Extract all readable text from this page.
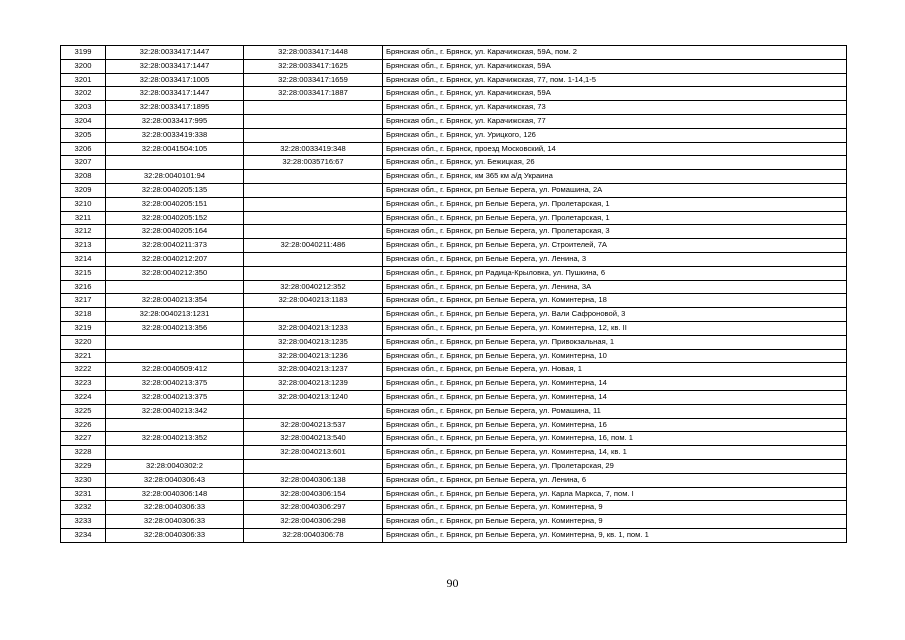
3199	32:28:0033417:1447	32:28:0033417:1448	Брянская обл., г. Брянск, ул. Карачижская, 59А, пом. 2
3200	32:28:0033417:1447	32:28:0033417:1625	Брянская обл., г. Брянск, ул. Карачижская, 59А
3201	32:28:0033417:1005	32:28:0033417:1659	Брянская обл., г. Брянск, ул. Карачижская, 77, пом. 1-14,1-5
3202	32:28:0033417:1447	32:28:0033417:1887	Брянская обл., г. Брянск, ул. Карачижская, 59А
3203	32:28:0033417:1895		Брянская обл., г. Брянск, ул. Карачижская, 73
3204	32:28:0033417:995		Брянская обл., г. Брянск, ул. Карачижская, 77
3205	32:28:0033419:338		Брянская обл., г. Брянск, ул. Урицкого, 126
3206	32:28:0041504:105	32:28:0033419:348	Брянская обл., г. Брянск, проезд Московский, 14
3207		32:28:0035716:67	Брянская обл., г. Брянск, ул. Бежицкая, 26
3208	32:28:0040101:94		Брянская обл., г. Брянск, км 365 км а/д Украина
3209	32:28:0040205:135		Брянская обл., г. Брянск, рп Белые Берега, ул. Ромашина, 2А
3210	32:28:0040205:151		Брянская обл., г. Брянск, рп Белые Берега, ул. Пролетарская, 1
3211	32:28:0040205:152		Брянская обл., г. Брянск, рп Белые Берега, ул. Пролетарская, 1
3212	32:28:0040205:164		Брянская обл., г. Брянск, рп Белые Берега, ул. Пролетарская, 3
3213	32:28:0040211:373	32:28:0040211:486	Брянская обл., г. Брянск, рп Белые Берега, ул. Строителей, 7А
3214	32:28:0040212:207		Брянская обл., г. Брянск, рп Белые Берега, ул. Ленина, 3
3215	32:28:0040212:350		Брянская обл., г. Брянск, рп Радица-Крыловка, ул. Пушкина, 6
3216		32:28:0040212:352	Брянская обл., г. Брянск, рп Белые Берега, ул. Ленина, 3А
3217	32:28:0040213:354	32:28:0040213:1183	Брянская обл., г. Брянск, рп Белые Берега, ул. Коминтерна, 18
3218	32:28:0040213:1231		Брянская обл., г. Брянск, рп Белые Берега, ул. Вали Сафроновой, 3
3219	32:28:0040213:356	32:28:0040213:1233	Брянская обл., г. Брянск, рп Белые Берега, ул. Коминтерна, 12, кв. II
3220		32:28:0040213:1235	Брянская обл., г. Брянск, рп Белые Берега, ул. Привокзальная, 1
3221		32:28:0040213:1236	Брянская обл., г. Брянск, рп Белые Берега, ул. Коминтерна, 10
3222	32:28:0040509:412	32:28:0040213:1237	Брянская обл., г. Брянск, рп Белые Берега, ул. Новая, 1
3223	32:28:0040213:375	32:28:0040213:1239	Брянская обл., г. Брянск, рп Белые Берега, ул. Коминтерна, 14
3224	32:28:0040213:375	32:28:0040213:1240	Брянская обл., г. Брянск, рп Белые Берега, ул. Коминтерна, 14
3225	32:28:0040213:342		Брянская обл., г. Брянск, рп Белые Берега, ул. Ромашина, 11
3226		32:28:0040213:537	Брянская обл., г. Брянск, рп Белые Берега, ул. Коминтерна, 16
3227	32:28:0040213:352	32:28:0040213:540	Брянская обл., г. Брянск, рп Белые Берега, ул. Коминтерна, 16, пом. 1
3228		32:28:0040213:601	Брянская обл., г. Брянск, рп Белые Берега, ул. Коминтерна, 14, кв. 1
3229	32:28:0040302:2		Брянская обл., г. Брянск, рп Белые Берега, ул. Пролетарская, 29
3230	32:28:0040306:43	32:28:0040306:138	Брянская обл., г. Брянск, рп Белые Берега, ул. Ленина, 6
3231	32:28:0040306:148	32:28:0040306:154	Брянская обл., г. Брянск, рп Белые Берега, ул. Карла Маркса, 7, пом. I
3232	32:28:0040306:33	32:28:0040306:297	Брянская обл., г. Брянск, рп Белые Берега, ул. Коминтерна, 9
3233	32:28:0040306:33	32:28:0040306:298	Брянская обл., г. Брянск, рп Белые Берега, ул. Коминтерна, 9
3234	32:28:0040306:33	32:28:0040306:78	Брянская обл., г. Брянск, рп Белые Берега, ул. Коминтерна, 9, кв. 1, пом. 1
90
